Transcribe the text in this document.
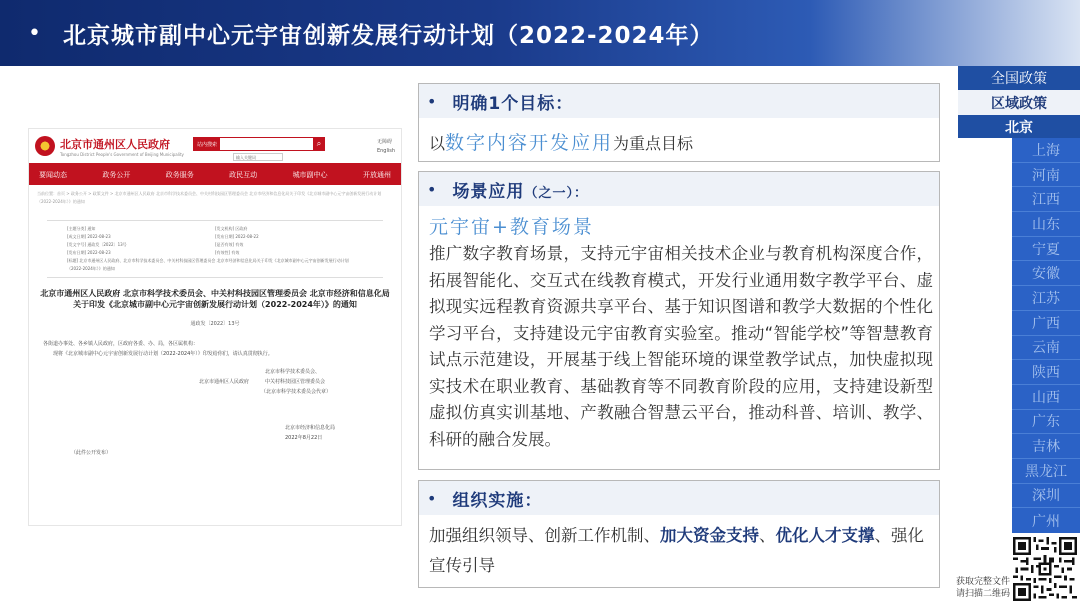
• 北京城市副中心元宇宙创新发展行动计划（2022-2024年）
北京市通州区人民政府
Tongzhou District People's Government of Beijing Municipality
站内搜索	⌕
输入关键词
无障碍
English
要闻动态	政务公开	政务服务	政民互动	城市副中心	开放通州
当前位置：首页 > 政务公开 > 政策文件 > 北京市通州区人民政府 北京市科学技术委员会、中关村科技园区管理委员会 北京市经济和信息化局关于印发《北京城市副中心元宇宙创新发展行动计划（2022-2024年）》的通知
[主题分类] 通知	[发文机构] 区政府
[成文日期] 2022-08-23	[发布日期] 2022-08-22
[发文字号] 通政发〔2022〕13号	[是否有效] 有效
[发布日期] 2022-08-23	[有效性] 有效
[标题] 北京市通州区人民政府、北京市科学技术委员会、中关村科技园区管理委员会 北京市经济和信息化局关于印发《北京城市副中心元宇宙创新发展行动计划（2022-2024年）》的通知
北京市通州区人民政府 北京市科学技术委员会、中关村科技园区管理委员会 北京市经济和信息化局关于印发《北京城市副中心元宇宙创新发展行动计划（2022-2024年）》的通知
通政发〔2022〕13号
各街道办事处、各乡镇人民政府，区政府各委、办、局，各区属机构：
现将《北京城市副中心元宇宙创新发展行动计划（2022-2024年）》印发给你们，请认真贯彻执行。
北京市科学技术委员会、
北京市通州区人民政府	中关村科技园区管理委员会
（北京市科学技术委员会代章）
北京市经济和信息化局
2022年8月22日
（此件公开发布）
• 明确1个目标：
以数字内容开发应用为重点目标
• 场景应用（之一）：
元宇宙+教育场景
推广数字教育场景，支持元宇宙相关技术企业与教育机构深度合作，拓展智能化、交互式在线教育模式，开发行业通用数字教学平台、虚拟现实远程教育资源共享平台、基于知识图谱和教学大数据的个性化学习平台，支持建设元宇宙教育实验室。推动“智能学校”等智慧教育试点示范建设，开展基于线上智能环境的课堂教学试点，加快虚拟现实技术在职业教育、基础教育等不同教育阶段的应用，支持建设新型虚拟仿真实训基地、产教融合智慧云平台，推动科普、培训、教学、科研的融合发展。
• 组织实施：
加强组织领导、创新工作机制、加大资金支持、优化人才支撑、强化宣传引导
全国政策
区域政策
北京
上海
河南
江西
山东
宁夏
安徽
江苏
广西
云南
陕西
山西
广东
吉林
黑龙江
深圳
广州
获取完整文件
请扫描二维码
